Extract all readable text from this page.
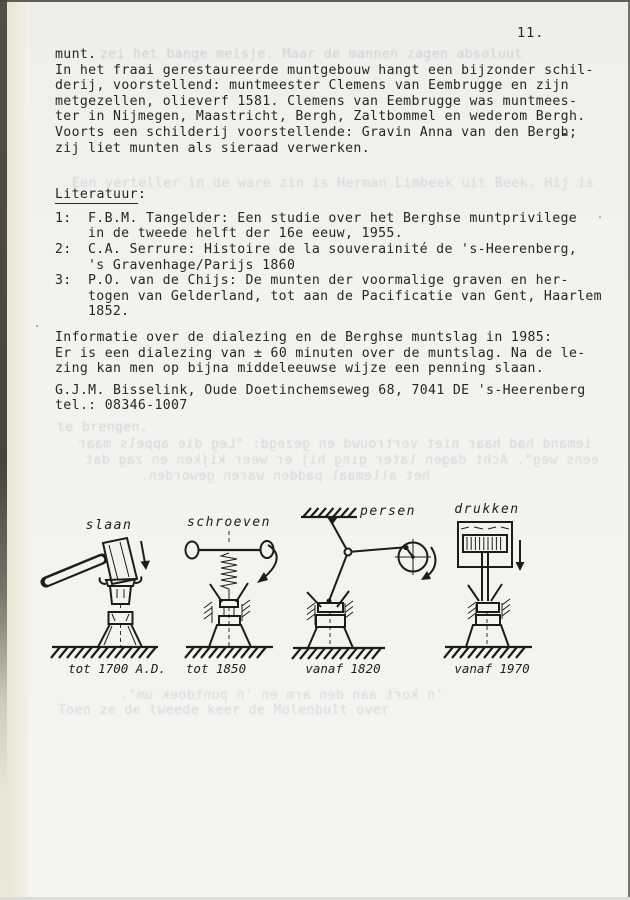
zei het bange meisje. Maar de mannen zagen absoluut
Een verteller in de ware zin is Herman Limbeek uit Beek. Hij is
te brengen.
iemand had haar niet vertrouwd en gezegd: "Leg die appels maar
eens weg". Acht dagen later ging hij er weer kijken en zag dat
het allemaal padden waren geworden.
'n kort aan den arm en 'n puntdoek um".
Toen ze de tweede keer de Molenbult over
11.
munt.
In het fraai gerestaureerde muntgebouw hangt een bijzonder schil-
derij, voorstellend: muntmeester Clemens van Eembrugge en zijn
metgezellen, olieverf 1581. Clemens van Eembrugge was muntmees-
ter in Nijmegen, Maastricht, Bergh, Zaltbommel en wederom Bergh.
Voorts een schilderij voorstellende: Gravin Anna van den Bergh;
zij liet munten als sieraad verwerken.
Literatuur:
1:	F.B.M. Tangelder: Een studie over het Berghse muntprivilege
in de tweede helft der 16e eeuw, 1955.
2:	C.A. Serrure: Histoire de la souverainité de 's-Heerenberg,
's Gravenhage/Parijs 1860
3:	P.O. van de Chijs: De munten der voormalige graven en her-
togen van Gelderland, tot aan de Pacificatie van Gent, Haarlem
1852.
Informatie over de dialezing en de Berghse muntslag in 1985:
Er is een dialezing van ± 60 minuten over de muntslag. Na de le-
zing kan men op bijna middeleeuwse wijze een penning slaan.
G.J.M. Bisselink, Oude Doetinchemseweg 68, 7041 DE 's-Heerenberg
tel.: 08346-1007
slaan
tot 1700 A.D.
schroeven
tot 1850
persen
vanaf 1820
drukken
vanaf 1970
